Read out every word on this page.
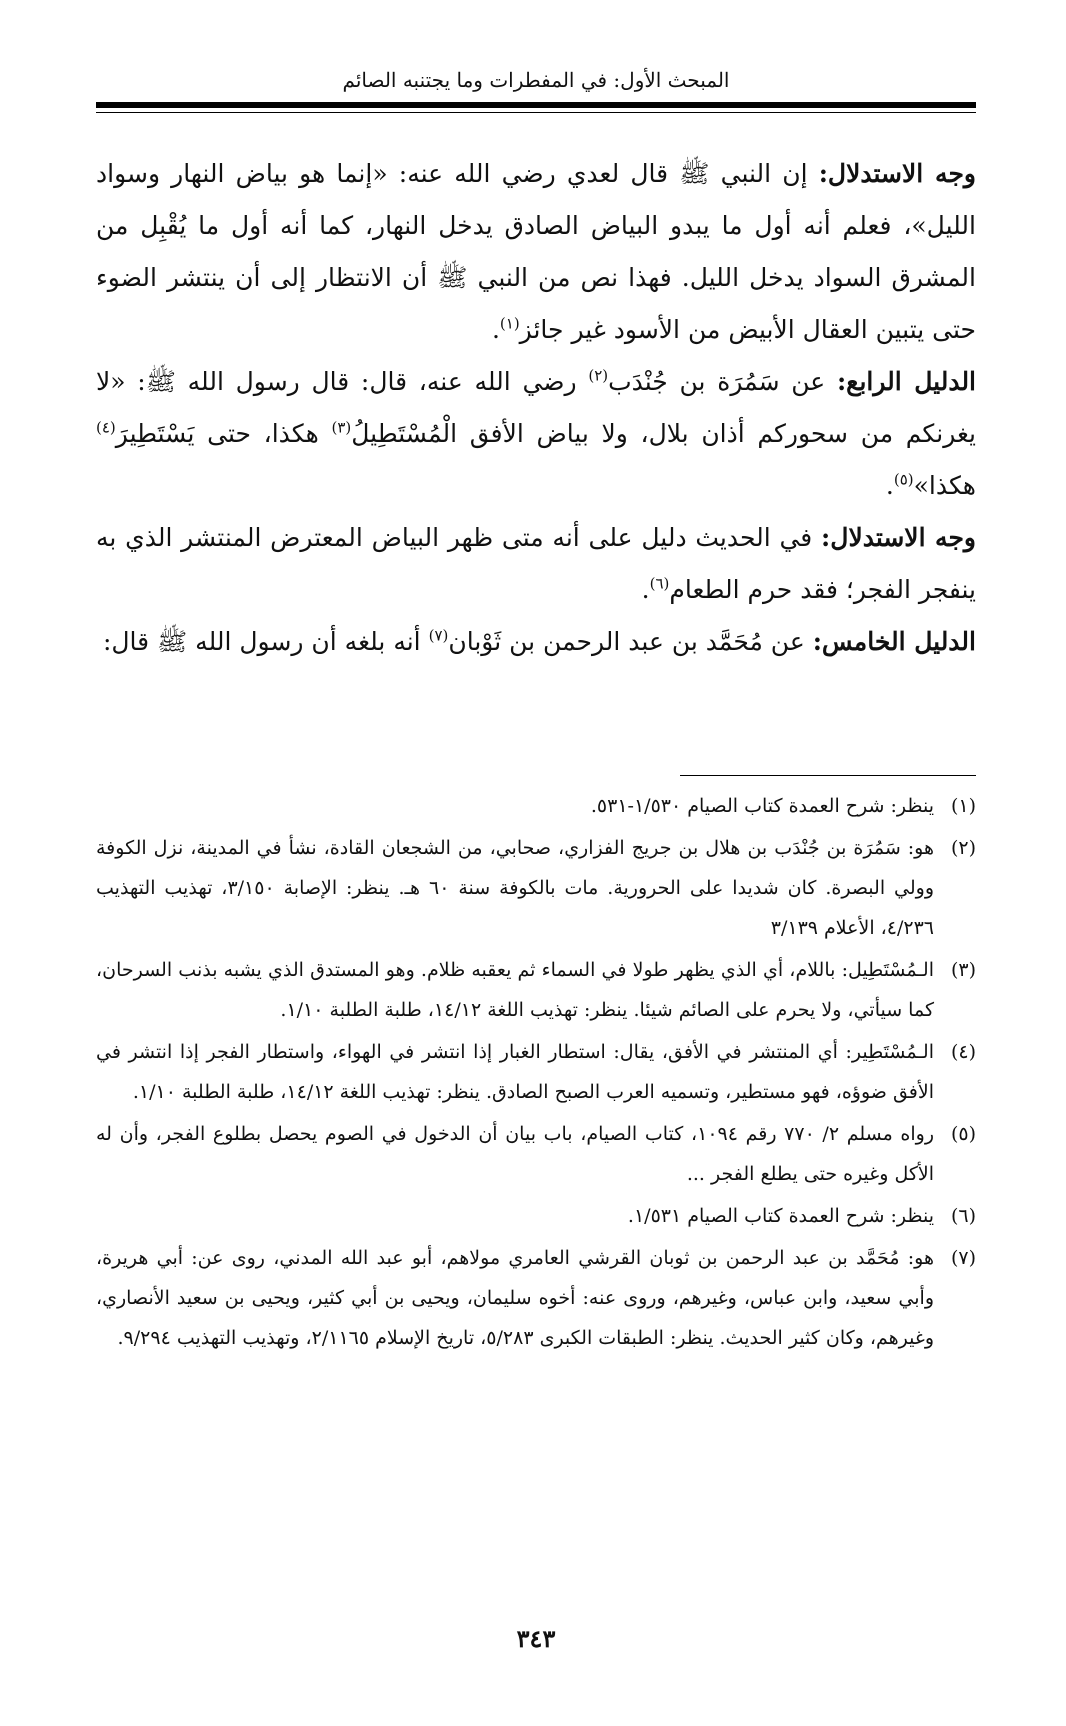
المبحث الأول: في المفطرات وما يجتنبه الصائم

وجه الاستدلال: إن النبي ﷺ قال لعدي رضي الله عنه: «إنما هو بياض النهار وسواد الليل»، فعلم أنه أول ما يبدو البياض الصادق يدخل النهار، كما أنه أول ما يُقْبِل من المشرق السواد يدخل الليل. فهذا نص من النبي ﷺ أن الانتظار إلى أن ينتشر الضوء حتى يتبين العقال الأبيض من الأسود غير جائز$^{(١)}$.

الدليل الرابع: عن سَمُرَة بن جُنْدَب$^{(٢)}$ رضي الله عنه، قال: قال رسول الله ﷺ: «لا يغرنكم من سحوركم أذان بلال، ولا بياض الأفق الْمُسْتَطِيلُ$^{(٣)}$ هكذا، حتى يَسْتَطِيرَ$^{(٤)}$ هكذا»$^{(٥)}$.

وجه الاستدلال: في الحديث دليل على أنه متى ظهر البياض المعترض المنتشر الذي به ينفجر الفجر؛ فقد حرم الطعام$^{(٦)}$.

الدليل الخامس: عن مُحَمَّد بن عبد الرحمن بن ثَوْبان$^{(٧)}$ أنه بلغه أن رسول الله ﷺ قال:

(١)
ينظر: شرح العمدة كتاب الصيام ١/٥٣٠-٥٣١.

(٢)
هو: سَمُرَة بن جُنْدَب بن هلال بن جريج الفزاري، صحابي، من الشجعان القادة، نشأ في المدينة، نزل الكوفة وولي البصرة. كان شديدا على الحرورية. مات بالكوفة سنة ٦٠ هـ. ينظر: الإصابة ٣/١٥٠، تهذيب التهذيب ٤/٢٣٦، الأعلام ٣/١٣٩

(٣)
الـمُسْتَطِيل: باللام، أي الذي يظهر طولا في السماء ثم يعقبه ظلام. وهو المستدق الذي يشبه بذنب السرحان، كما سيأتي، ولا يحرم على الصائم شيئا. ينظر: تهذيب اللغة ١٤/١٢، طلبة الطلبة ١/١٠.

(٤)
الـمُسْتَطِير: أي المنتشر في الأفق، يقال: استطار الغبار إذا انتشر في الهواء، واستطار الفجر إذا انتشر في الأفق ضوؤه، فهو مستطير، وتسميه العرب الصبح الصادق. ينظر: تهذيب اللغة ١٤/١٢، طلبة الطلبة ١/١٠.

(٥)
رواه مسلم ٢/ ٧٧٠ رقم ١٠٩٤، كتاب الصيام، باب بيان أن الدخول في الصوم يحصل بطلوع الفجر، وأن له الأكل وغيره حتى يطلع الفجر ...

(٦)
ينظر: شرح العمدة كتاب الصيام ١/٥٣١.

(٧)
هو: مُحَمَّد بن عبد الرحمن بن ثوبان القرشي العامري مولاهم، أبو عبد الله المدني، روى عن: أبي هريرة، وأبي سعيد، وابن عباس، وغيرهم، وروى عنه: أخوه سليمان، ويحيى بن أبي كثير، ويحيى بن سعيد الأنصاري، وغيرهم، وكان كثير الحديث. ينظر: الطبقات الكبرى ٥/٢٨٣، تاريخ الإسلام ٢/١١٦٥، وتهذيب التهذيب ٩/٢٩٤.

٣٤٣
